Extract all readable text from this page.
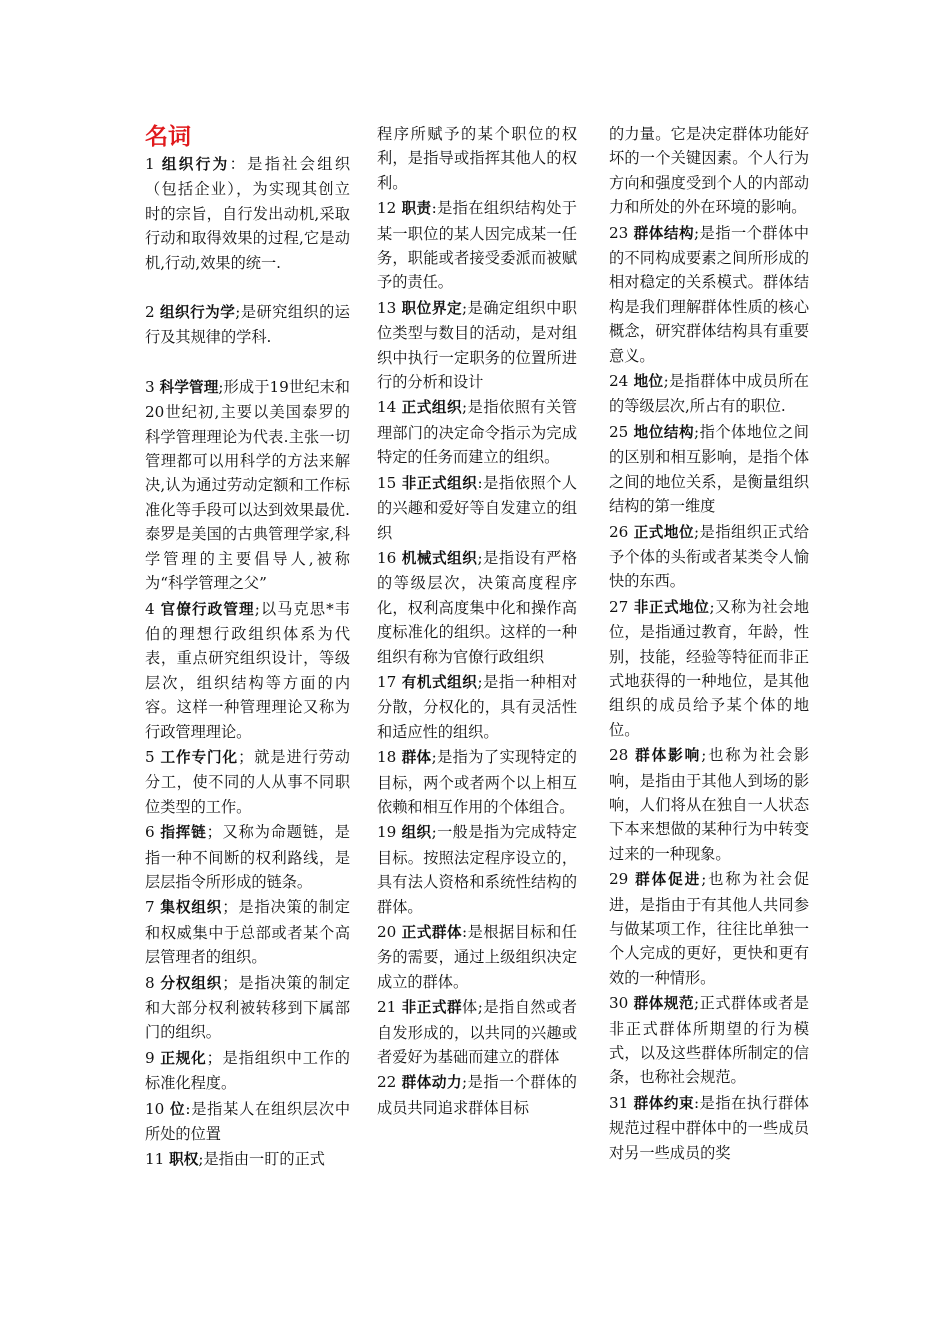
名词
1 组织行为：是指社会组织（包括企业），为实现其创立时的宗旨，自行发出动机,采取行动和取得效果的过程,它是动机,行动,效果的统一.
2 组织行为学;是研究组织的运行及其规律的学科.
3 科学管理;形成于19世纪末和20世纪初,主要以美国泰罗的科学管理理论为代表.主张一切管理都可以用科学的方法来解决,认为通过劳动定额和工作标准化等手段可以达到效果最优.泰罗是美国的古典管理学家,科学管理的主要倡导人,被称为“科学管理之父”
4 官僚行政管理;以马克思*韦伯的理想行政组织体系为代表，重点研究组织设计，等级层次，组织结构等方面的内容。这样一种管理理论又称为行政管理理论。
5 工作专门化；就是进行劳动分工，使不同的人从事不同职位类型的工作。
6 指挥链；又称为命题链，是指一种不间断的权利路线，是层层指令所形成的链条。
7 集权组织；是指决策的制定和权威集中于总部或者某个高层管理者的组织。
8 分权组织；是指决策的制定和大部分权利被转移到下属部门的组织。
9 正规化；是指组织中工作的标准化程度。
10 位:是指某人在组织层次中所处的位置
11 职权;是指由一盯的正式
程序所赋予的某个职位的权利，是指导或指挥其他人的权利。
12 职责:是指在组织结构处于某一职位的某人因完成某一任务，职能或者接受委派而被赋予的责任。
13 职位界定;是确定组织中职位类型与数目的活动，是对组织中执行一定职务的位置所进行的分析和设计
14 正式组织;是指依照有关管理部门的决定命令指示为完成特定的任务而建立的组织。
15 非正式组织:是指依照个人的兴趣和爱好等自发建立的组织
16 机械式组织;是指设有严格的等级层次，决策高度程序化，权利高度集中化和操作高度标准化的组织。这样的一种组织有称为官僚行政组织
17 有机式组织;是指一种相对分散，分权化的，具有灵活性和适应性的组织。
18 群体;是指为了实现特定的目标，两个或者两个以上相互依赖和相互作用的个体组合。
19 组织;一般是指为完成特定目标。按照法定程序设立的，具有法人资格和系统性结构的群体。
20 正式群体:是根据目标和任务的需要，通过上级组织决定成立的群体。
21 非正式群体;是指自然或者自发形成的，以共同的兴趣或者爱好为基础而建立的群体
22 群体动力;是指一个群体的成员共同追求群体目标
的力量。它是决定群体功能好坏的一个关键因素。个人行为方向和强度受到个人的内部动力和所处的外在环境的影响。
23 群体结构;是指一个群体中的不同构成要素之间所形成的相对稳定的关系模式。群体结构是我们理解群体性质的核心概念，研究群体结构具有重要意义。
24 地位;是指群体中成员所在的等级层次,所占有的职位.
25 地位结构;指个体地位之间的区别和相互影响，是指个体之间的地位关系，是衡量组织结构的第一维度
26 正式地位;是指组织正式给予个体的头衔或者某类令人愉快的东西。
27 非正式地位;又称为社会地位，是指通过教育，年龄，性别，技能，经验等特征而非正式地获得的一种地位，是其他组织的成员给予某个体的地位。
28 群体影响;也称为社会影响，是指由于其他人到场的影响，人们将从在独自一人状态下本来想做的某种行为中转变过来的一种现象。
29 群体促进;也称为社会促进，是指由于有其他人共同参与做某项工作，往往比单独一个人完成的更好，更快和更有效的一种情形。
30 群体规范;正式群体或者是非正式群体所期望的行为模式，以及这些群体所制定的信条，也称社会规范。
31 群体约束:是指在执行群体规范过程中群体中的一些成员对另一些成员的奖
